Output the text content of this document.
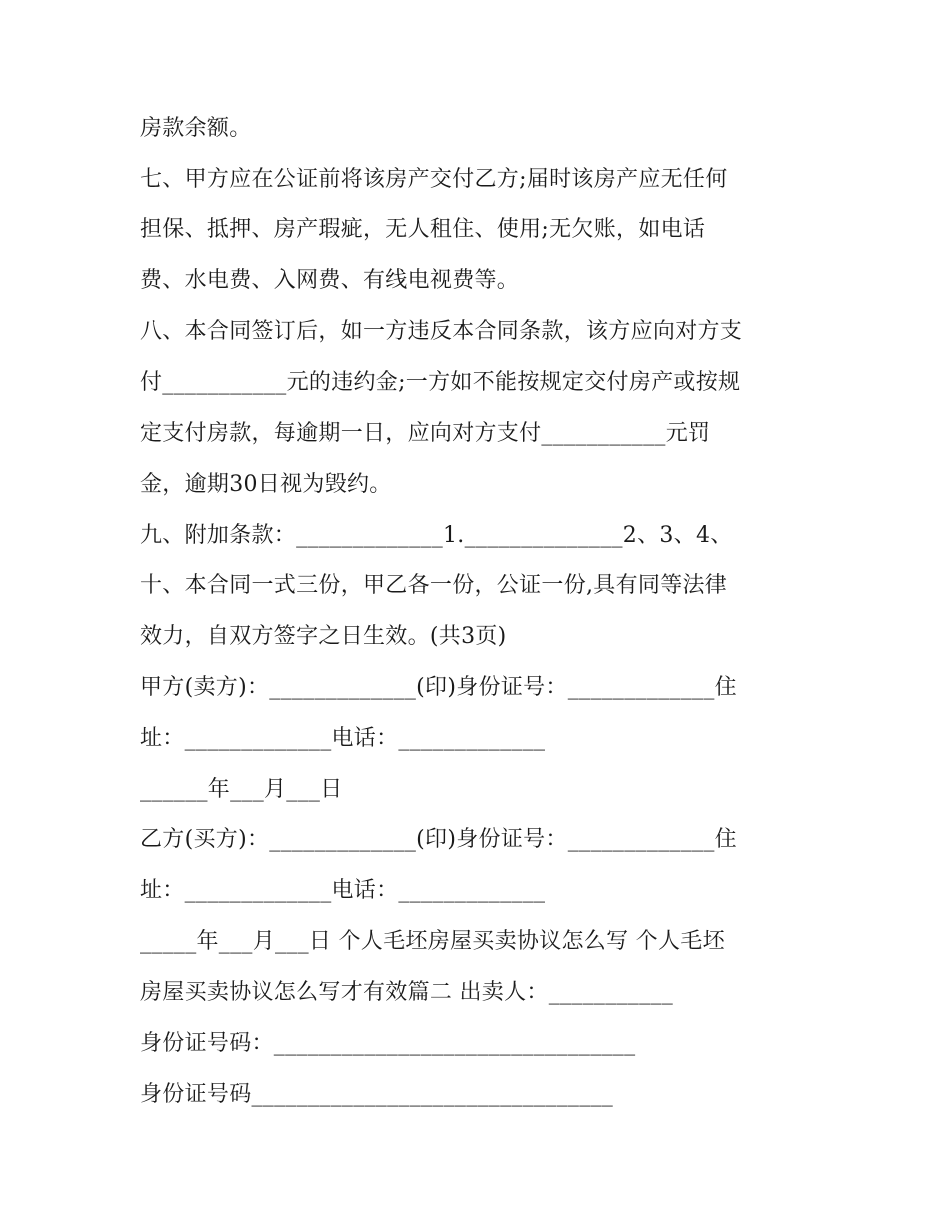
房款余额。
七、甲方应在公证前将该房产交付乙方;届时该房产应无任何
担保、抵押、房产瑕疵，无人租住、使用;无欠账，如电话
费、水电费、入网费、有线电视费等。
八、本合同签订后，如一方违反本合同条款，该方应向对方支
付___________元的违约金;一方如不能按规定交付房产或按规
定支付房款，每逾期一日，应向对方支付___________元罚
金，逾期30日视为毁约。
九、附加条款：_____________1.______________2、3、4、
十、本合同一式三份，甲乙各一份，公证一份,具有同等法律
效力，自双方签字之日生效。(共3页)
甲方(卖方)：_____________(印)身份证号：_____________住
址：_____________电话：_____________
______年___月___日
乙方(买方)：_____________(印)身份证号：_____________住
址：_____________电话：_____________
_____年___月___日 个人毛坯房屋买卖协议怎么写 个人毛坯
房屋买卖协议怎么写才有效篇二 出卖人：___________
身份证号码：________________________________
身份证号码________________________________
